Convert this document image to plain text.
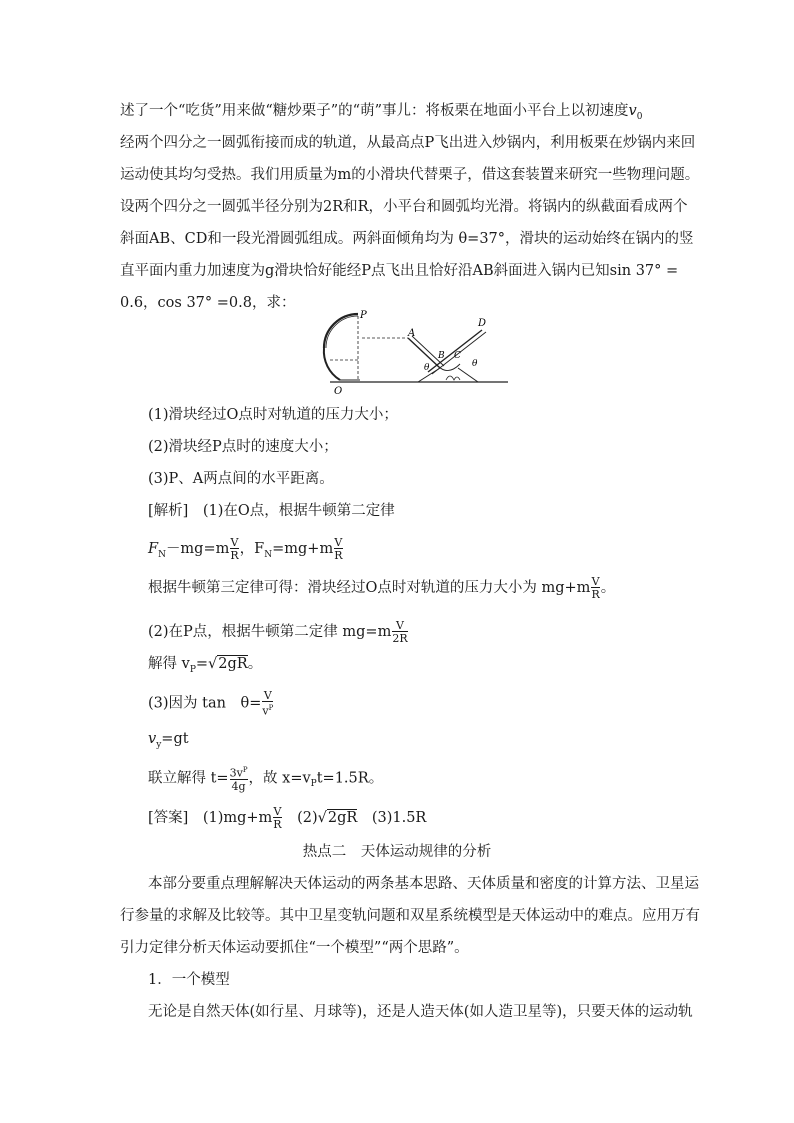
述了一个“吃货”用来做“糖炒栗子”的“萌”事儿：将板栗在地面小平台上以初速度$v_0$
经两个四分之一圆弧衔接而成的轨道，从最高点P飞出进入炒锅内，利用板栗在炒锅内来回
运动使其均匀受热。我们用质量为m的小滑块代替栗子，借这套装置来研究一些物理问题。
设两个四分之一圆弧半径分别为2R和R，小平台和圆弧均光滑。将锅内的纵截面看成两个
斜面AB、CD和一段光滑圆弧组成。两斜面倾角均为 θ=37°，滑块的运动始终在锅内的竖
直平面内重力加速度为g滑块恰好能经P点飞出且恰好沿AB斜面进入锅内已知sin 37° =
0.6，cos 37° =0.8，求：
P
A
D
B C
O
θ	θ
(1)滑块经过O点时对轨道的压力大小；
(2)滑块经P点时的速度大小；
(3)P、A两点间的水平距离。
[解析]　(1)在O点，根据牛顿第二定律
$F_N-mg=m \frac{V}{R}$ ，$F_N=mg+m \frac{V}{R}$
根据牛顿第三定律可得：滑块经过O点时对轨道的压力大小为 $mg+m \frac{V}{R}$ 。
(2)在P点，根据牛顿第二定律 $mg=m \frac{V}{2R}$
解得 $v_P=√2gR$。
(3)因为 tan　$\theta= \frac{V}{v^P}$
$v_y=gt$
联立解得 $t= \frac{3v^P}{4g}$ ，故 $x=v_Pt=1.5R$。
[答案]　$(1)mg+m \frac{V}{R}$ 　(2)√2gR　(3)1.5R
热点二　天体运动规律的分析
本部分要重点理解解决天体运动的两条基本思路、天体质量和密度的计算方法、卫星运
行参量的求解及比较等。其中卫星变轨问题和双星系统模型是天体运动中的难点。应用万有
引力定律分析天体运动要抓住“一个模型”“两个思路”。
1．一个模型
无论是自然天体(如行星、月球等)，还是人造天体(如人造卫星等)，只要天体的运动轨
